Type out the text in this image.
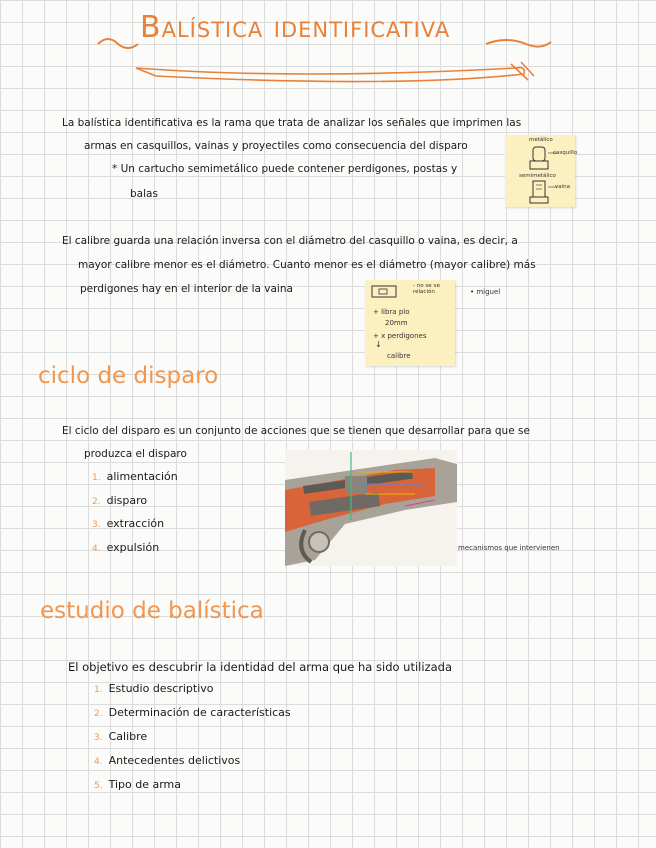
Balística identificativa
La balística identificativa es la rama que trata de analizar los señales que imprimen las
armas en casquillos, vainas y proyectiles como consecuencia del disparo
* Un cartucho semimetálico puede contener perdigones, postas y
balas
metálico
casquillo
semimetálico
vaina
El calibre guarda una relación inversa con el diámetro del casquillo o vaina, es decir, a
mayor calibre menor es el diámetro. Cuanto menor es el diámetro (mayor calibre) más
perdigones hay en el interior de la vaina	- no se ve
relación
+ libra plo
20mm
+ x perdigones
↓
calibre
• miguel
ciclo de disparo
El ciclo del disparo es un conjunto de acciones que se tienen que desarrollar para que se
produzca el disparo
1. alimentación
2. disparo
3. extracción
4. expulsión	mecanismos que intervienen
estudio de balística
El objetivo es descubrir la identidad del arma que ha sido utilizada
1. Estudio descriptivo
2. Determinación de características
3. Calibre
4. Antecedentes delictivos
5. Tipo de arma
